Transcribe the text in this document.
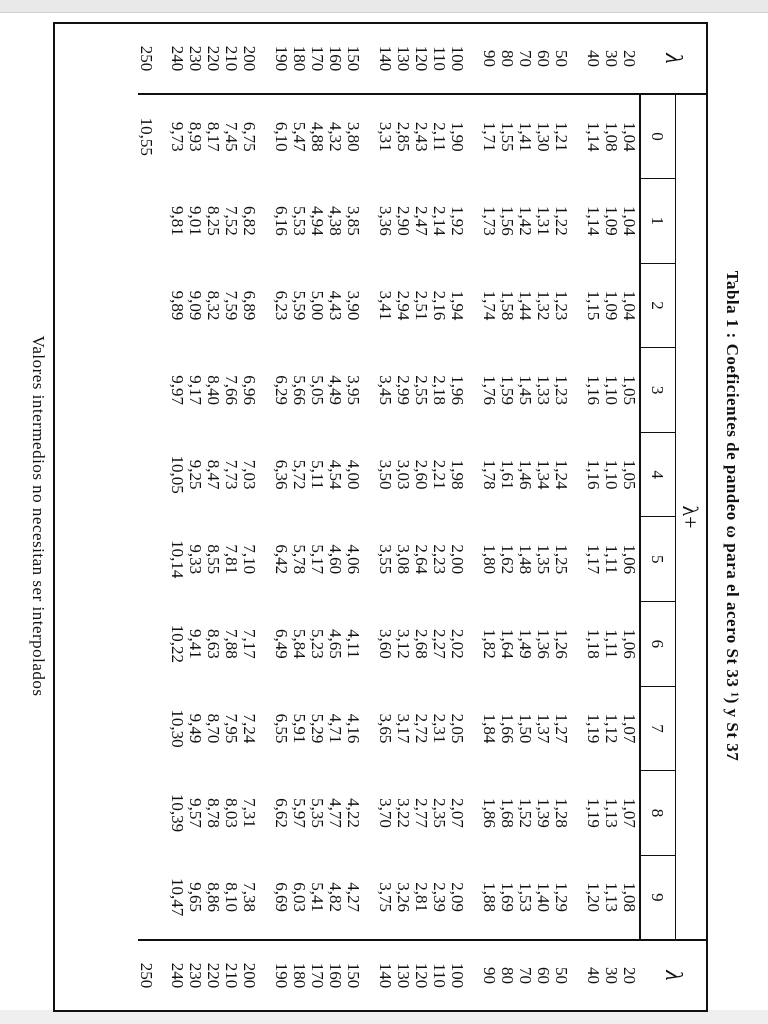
Tabla 1 : Coeficientes de pandeo ω para el acero St 33 ¹) y St 37
λ	λ+										λ
	0	1	2	3	4	5	6	7	8	9	
20	1,04	1,04	1,04	1,05	1,05	1,06	1,06	1,07	1,07	1,08	20
30	1,08	1,09	1,09	1,10	1,10	1,11	1,11	1,12	1,13	1,13	30
40	1,14	1,14	1,15	1,16	1,16	1,17	1,18	1,19	1,19	1,20	40

50	1,21	1,22	1,23	1,23	1,24	1,25	1,26	1,27	1,28	1,29	50
60	1,30	1,31	1,32	1,33	1,34	1,35	1,36	1,37	1,39	1,40	60
70	1,41	1,42	1,44	1,45	1,46	1,48	1,49	1,50	1,52	1,53	70
80	1,55	1,56	1,58	1,59	1,61	1,62	1,64	1,66	1,68	1,69	80
90	1,71	1,73	1,74	1,76	1,78	1,80	1,82	1,84	1,86	1,88	90

100	1,90	1,92	1,94	1,96	1,98	2,00	2,02	2,05	2,07	2,09	100
110	2,11	2,14	2,16	2,18	2,21	2,23	2,27	2,31	2,35	2,39	110
120	2,43	2,47	2,51	2,55	2,60	2,64	2,68	2,72	2,77	2,81	120
130	2,85	2,90	2,94	2,99	3,03	3,08	3,12	3,17	3,22	3,26	130
140	3,31	3,36	3,41	3,45	3,50	3,55	3,60	3,65	3,70	3,75	140

150	3,80	3,85	3,90	3,95	4,00	4,06	4,11	4,16	4,22	4,27	150
160	4,32	4,38	4,43	4,49	4,54	4,60	4,65	4,71	4,77	4,82	160
170	4,88	4,94	5,00	5,05	5,11	5,17	5,23	5,29	5,35	5,41	170
180	5,47	5,53	5,59	5,66	5,72	5,78	5,84	5,91	5,97	6,03	180
190	6,10	6,16	6,23	6,29	6,36	6,42	6,49	6,55	6,62	6,69	190

200	6,75	6,82	6,89	6,96	7,03	7,10	7,17	7,24	7,31	7,38	200
210	7,45	7,52	7,59	7,66	7,73	7,81	7,88	7,95	8,03	8,10	210
220	8,17	8,25	8,32	8,40	8,47	8,55	8,63	8,70	8,78	8,86	220
230	8,93	9,01	9,09	9,17	9,25	9,33	9,41	9,49	9,57	9,65	230
240	9,73	9,81	9,89	9,97	10,05	10,14	10,22	10,30	10,39	10,47	240
250	10,55										250
Valores intermedios no necesitan ser interpolados
